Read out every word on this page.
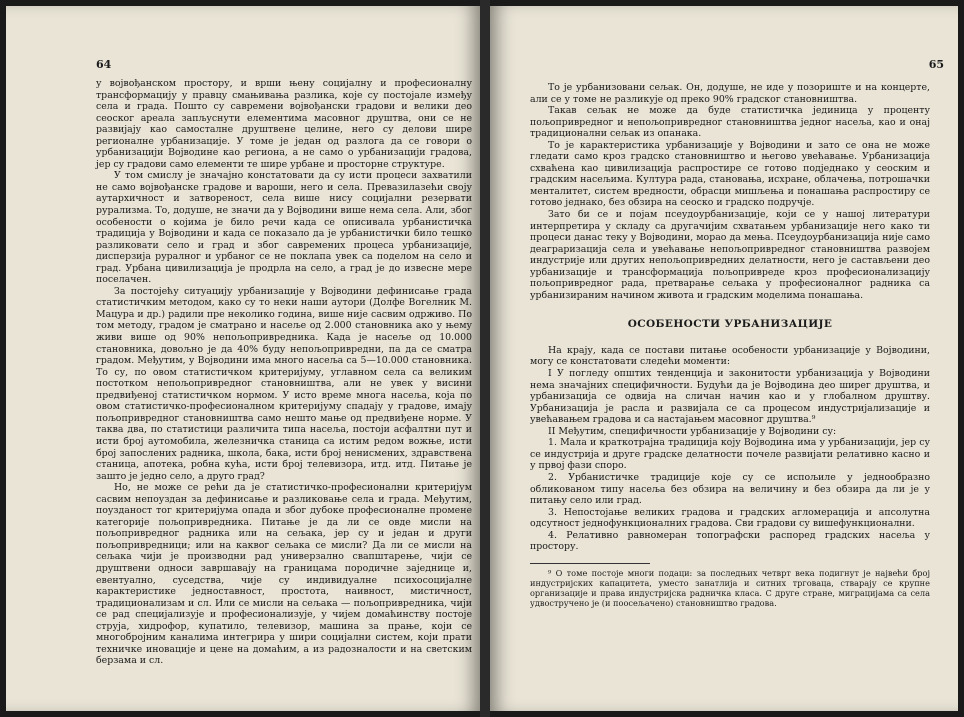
64

у војвођанском простору, и врши њену социјалну и професионалну трансформацију у правцу смањивања разлика, које су постојале између села и града. Пошто су савремени војвођански градови и велики део сеоског ареала запљуснути елементима масовног друштва, они се не развијају као самосталне друштвене целине, него су делови шире регионалне урбанизације. У томе је један од разлога да се говори о урбанизацији Војводине као региона, а не само о урбанизацији градова, јер су градови само елементи те шире урбане и просторне структуре.

У том смислу је значајно констатовати да су исти процеси захватили не само војвођанске градове и вароши, него и села. Превазилазећи своју аутархичност и затвореност, села више нису социјални резервати рурализма. То, додуше, не значи да у Војводини више нема села. Али, због особености о којима је било речи када се описивала урбанистичка традиција у Војводини и када се показало да је урбанистички било тешко разликовати село и град и због савремених процеса урбанизације, дисперзија руралног и урбаног се не поклапа увек са поделом на село и град. Урбана цивилизација је продрла на село, а град је до извесне мере поселачен.

За постојећу ситуацију урбанизације у Војводини дефинисање града статистичким методом, како су то неки наши аутори (Долфе Вогелник М. Мацура и др.) радили пре неколико година, више није сасвим одрживо. По том методу, градом је сматрано и насеље од 2.000 становника ако у њему живи више од 90% непољопривредника. Када је насеље од 10.000 становника, довољно је да 40% буду непољопривредни, па да се сматра градом. Међутим, у Војводини има много насеља са 5—10.000 становника. То су, по овом статистичком критеријуму, углавном села са великим постотком непољопривредног становништва, али не увек у висини предвиђеној статистичком нормом. У исто време многа насеља, која по овом статистичко-професионалном критеријуму спадају у градове, имају пољопривредног становништва само нешто мање од предвиђене норме. У таква два, по статистици различита типа насеља, постоји асфалтни пут и исти број аутомобила, железничка станица са истим редом вожње, исти број запослених радника, школа, бака, исти број ненисмених, здравствена станица, апотека, робна кућа, исти број телевизора, итд. итд. Питање је зашто је једно село, а друго град?

Но, не може се рећи да је статистичко-професионални критеријум сасвим непоуздан за дефинисање и разликовање села и града. Међутим, поузданост тог критеријума опада и због дубоке професионалне промене категорије пољопривредника. Питање је да ли се овде мисли на пољопривредног радника или на сељака, јер су и један и други пољопривредници; или на каквог сељака се мисли? Да ли се мисли на сељака чији је производни рад универзално свапштарење, чији се друштвени односи завршавају на границама породичне заједнице и, евентуално, суседства, чије су индивидуалне психосоцијалне карактеристике једноставност, простота, наивност, мистичност, традиционализам и сл. Или се мисли на сељака — пољопривредника, чији се рад специјализује и професионализује, у чијем домаћинству постоје струја, хидрофор, купатило, телевизор, машина за прање, који се многобројним каналима интегрира у шири социјални систем, који прати техничке иновације и цене на домаћим, а из радозналости и на светским берзама и сл.

65

То је урбанизовани сељак. Он, додуше, не иде у позориште и на концерте, али се у томе не разликује од преко 90% градског становништва.

Такав сељак не може да буде статистичка јединица у проценту пољопривредног и непољопривредног становништва једног насеља, као и онај традиционални сељак из опанака.

То је карактеристика урбанизације у Војводини и зато се она не може гледати само кроз градско становништво и његово увећавање. Урбанизација схваћена као цивилизација распростире се готово подједнако у сеоским и градским насељима. Култура рада, становања, исхране, облачења, потрошачки менталитет, систем вредности, обрасци мишљења и понашања распростиру се готово једнако, без обзира на сеоско и градско подручје.

Зато би се и појам псеудоурбанизације, који се у нашој литератури интерпретира у складу са другачијим схватањем урбанизације него како ти процеси данас теку у Војводини, морао да мења. Псеудоурбанизација није само деаграризација села и увећавање непољопривредног становништва развојем индустрије или других непољопривредних делатности, него је састављени део урбанизације и трансформација пољопривреде кроз професионализацију пољопривредног рада, претварање сељака у професионалног радника са урбанизираним начином живота и градским моделима понашања.

ОСОБЕНОСТИ УРБАНИЗАЦИЈЕ

На крају, када се постави питање особености урбанизације у Војводини, могу се констатовати следећи моменти:

I У погледу општих тенденција и законитости урбанизација у Војводини нема значајних специфичности. Будући да је Војводина део ширег друштва, и урбанизација се одвија на сличан начин као и у глобалном друштву. Урбанизација је расла и развијала се са процесом индустријализације и увећавањем градова и са настајањем масовног друштва.⁹

II Међутим, специфичности урбанизације у Војводини су:

1. Мала и краткотрајна традиција коју Војводина има у урбанизацији, јер су се индустрија и друге градске делатности почеле развијати релативно касно и у првој фази споро.

2. Урбанистичке традиције које су се испољиле у једнообразно обликованом типу насеља без обзира на величину и без обзира да ли је у питању село или град.

3. Непостојање великих градова и градских агломерација и апсолутна одсутност једнофункционалних градова. Сви градови су вишефункционални.

4. Релативно равномеран топографски распоред градских насеља у простору.

⁹ О томе постоје многи подаци: за последњих четврт века подигнут је највећи број индустријских капацитета, уместо занатлија и ситних трговаца, стварају се крупне организације и права индустријска радничка класа. С друге стране, миграцијама са села удвостручено је (и поосељачено) становништво градова.
